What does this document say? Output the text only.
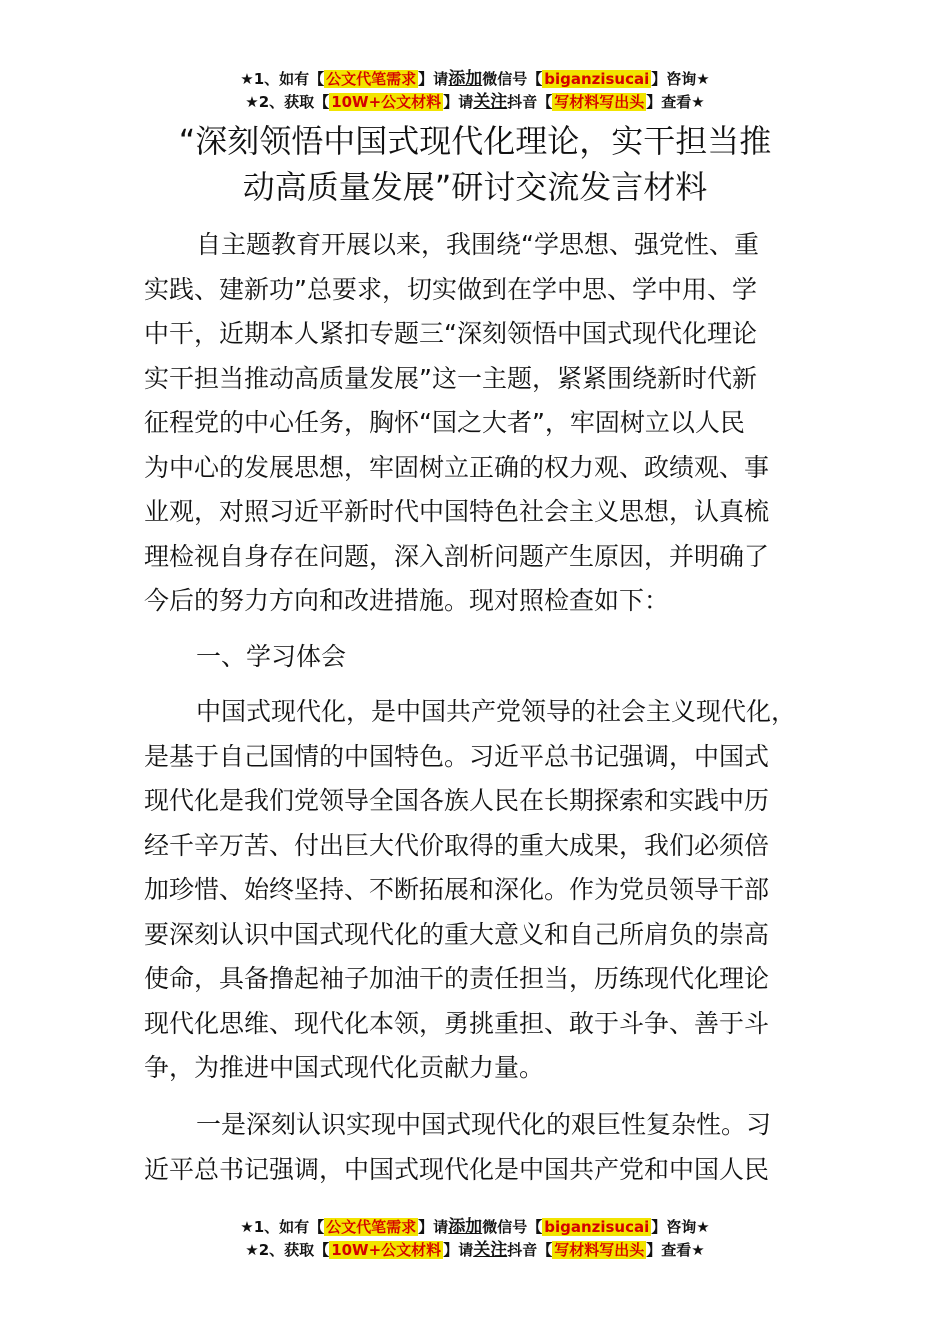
★1、如有【 公文代笔需求 】请添加微信号【 biganzisucai 】咨询★
★2、获取【 10W+公文材料 】请关注抖音【 写材料写出头 】查看★
“深刻领悟中国式现代化理论，实干担当推
动高质量发展”研讨交流发言材料
自主题教育开展以来，我围绕“学思想、强党性、重
实践、建新功”总要求，切实做到在学中思、学中用、学
中干，近期本人紧扣专题三“深刻领悟中国式现代化理论
实干担当推动高质量发展”这一主题，紧紧围绕新时代新
征程党的中心任务，胸怀“国之大者”，牢固树立以人民
为中心的发展思想，牢固树立正确的权力观、政绩观、事
业观，对照习近平新时代中国特色社会主义思想，认真梳
理检视自身存在问题，深入剖析问题产生原因，并明确了
今后的努力方向和改进措施。现对照检查如下：
一、学习体会
中国式现代化，是中国共产党领导的社会主义现代化，
是基于自己国情的中国特色。习近平总书记强调，中国式
现代化是我们党领导全国各族人民在长期探索和实践中历
经千辛万苦、付出巨大代价取得的重大成果，我们必须倍
加珍惜、始终坚持、不断拓展和深化。作为党员领导干部
要深刻认识中国式现代化的重大意义和自己所肩负的崇高
使命，具备撸起袖子加油干的责任担当，历练现代化理论
现代化思维、现代化本领，勇挑重担、敢于斗争、善于斗
争，为推进中国式现代化贡献力量。
一是深刻认识实现中国式现代化的艰巨性复杂性。习
近平总书记强调，中国式现代化是中国共产党和中国人民
★1、如有【 公文代笔需求 】请添加微信号【 biganzisucai 】咨询★
★2、获取【 10W+公文材料 】请关注抖音【 写材料写出头 】查看★
